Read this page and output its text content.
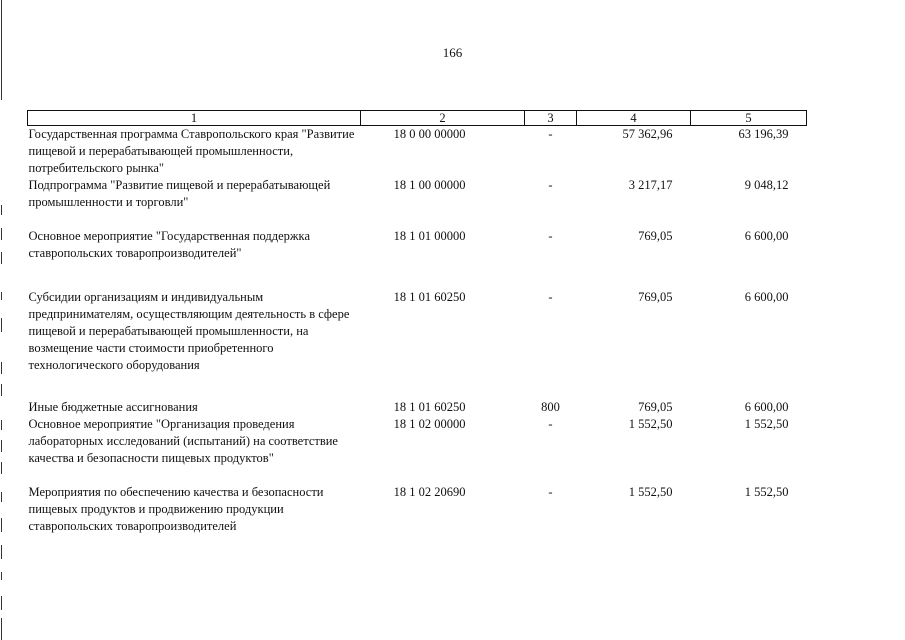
166
1	2	3	4	5
Государственная программа Ставропольского края "Развитие пищевой и перерабатывающей промышленности, потребительского рынка"	18 0 00 00000	-	57 362,96	63 196,39
Подпрограмма "Развитие пищевой и перерабатывающей промышленности и торговли"	18 1 00 00000	-	3 217,17	9 048,12
Основное мероприятие "Государственная поддержка ставропольских товаропроизводителей"	18 1 01 00000	-	769,05	6 600,00
Субсидии организациям и индивидуальным предпринимателям, осуществляющим деятельность в сфере пищевой и перерабатывающей промышленности, на возмещение части стоимости приобретенного технологического оборудования	18 1 01 60250	-	769,05	6 600,00
Иные бюджетные ассигнования	18 1 01 60250	800	769,05	6 600,00
Основное мероприятие "Организация проведения лабораторных исследований (испытаний) на соответствие качества и безопасности пищевых продуктов"	18 1 02 00000	-	1 552,50	1 552,50
Мероприятия по обеспечению качества и безопасности пищевых продуктов и продвижению продукции ставропольских товаропроизводителей	18 1 02 20690	-	1 552,50	1 552,50
